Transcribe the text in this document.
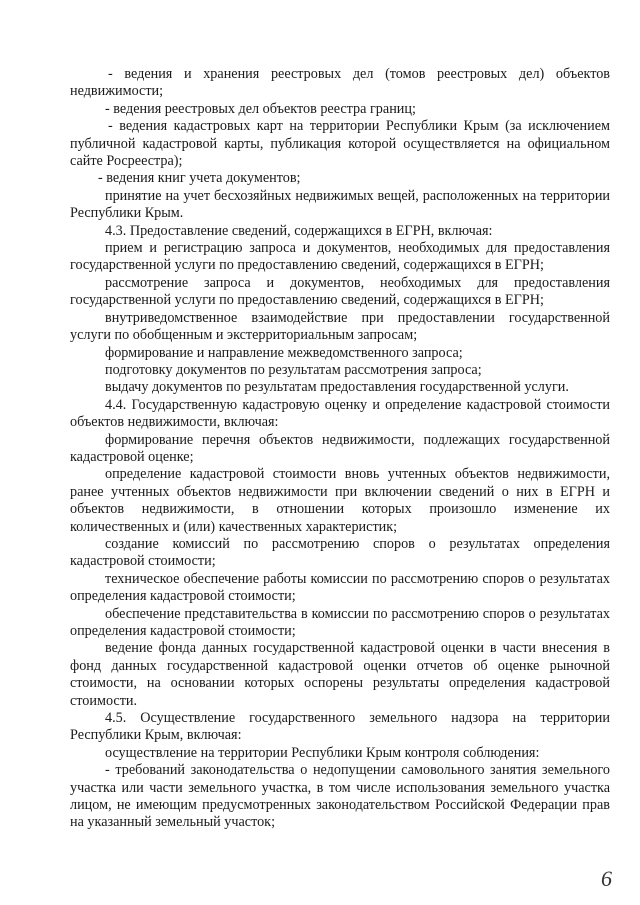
- ведения и хранения реестровых дел (томов реестровых дел) объектов недвижимости;

- ведения реестровых дел объектов реестра границ;

- ведения кадастровых карт на территории Республики Крым (за исключением публичной кадастровой карты, публикация которой осуществляется на официальном сайте Росреестра);

- ведения книг учета документов;

принятие на учет бесхозяйных недвижимых вещей, расположенных на территории Республики Крым.

4.3. Предоставление сведений, содержащихся в ЕГРН, включая:

прием и регистрацию запроса и документов, необходимых для предоставления государственной услуги по предоставлению сведений, содержащихся в ЕГРН;

рассмотрение запроса и документов, необходимых для предоставления государственной услуги по предоставлению сведений, содержащихся в ЕГРН;

внутриведомственное взаимодействие при предоставлении государственной услуги по обобщенным и экстерриториальным запросам;

формирование и направление межведомственного запроса;

подготовку документов по результатам рассмотрения запроса;

выдачу документов по результатам предоставления государственной услуги.

4.4. Государственную кадастровую оценку и определение кадастровой стоимости объектов недвижимости, включая:

формирование перечня объектов недвижимости, подлежащих государственной кадастровой оценке;

определение кадастровой стоимости вновь учтенных объектов недвижимости, ранее учтенных объектов недвижимости при включении сведений о них в ЕГРН и объектов недвижимости, в отношении которых произошло изменение их количественных и (или) качественных характеристик;

создание комиссий по рассмотрению споров о результатах определения кадастровой стоимости;

техническое обеспечение работы комиссии по рассмотрению споров о результатах определения кадастровой стоимости;

обеспечение представительства в комиссии по рассмотрению споров о результатах определения кадастровой стоимости;

ведение фонда данных государственной кадастровой оценки в части внесения в фонд данных государственной кадастровой оценки отчетов об оценке рыночной стоимости, на основании которых оспорены результаты определения кадастровой стоимости.

4.5. Осуществление государственного земельного надзора на территории Республики Крым, включая:

осуществление на территории Республики Крым контроля соблюдения:

- требований законодательства о недопущении самовольного занятия земельного участка или части земельного участка, в том числе использования земельного участка лицом, не имеющим предусмотренных законодательством Российской Федерации прав на указанный земельный участок;

6
